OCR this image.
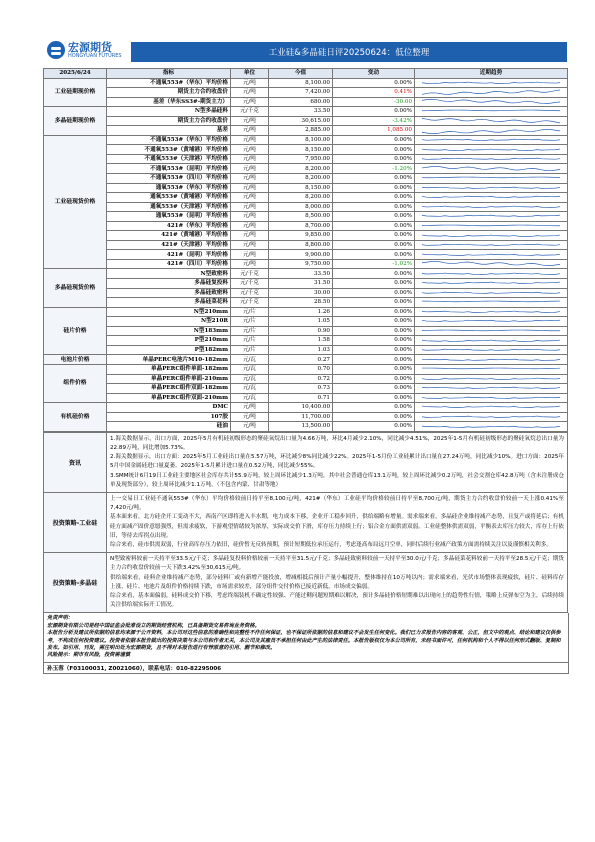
宏源期货
HONGYUAN FUTURES	工业硅&多晶硅日评20250624：低位整理
2025/6/24	指标	单位	今值	变动	近期趋势
工业硅期现价格	不通氧553#（华东）平均价格	元/吨	8,100.00	0.00%	

	期货主力合约收盘价	元/吨	7,420.00	0.41%	

	基差（华东SS3#-期货主力）	元/吨	680.00	-30.00	

多晶硅期现价格	N型多晶硅料	元/千克	33.50	0.00%	

	期货主力合约收盘价	元/吨	30,615.00	-3.42%	

	基差	元/吨	2,885.00	1,085.00	

工业硅现货价格	不通氧553#（华东）平均价格	元/吨	8,100.00	0.00%	

	不通氧553#（黄埔港）平均价格	元/吨	8,150.00	0.00%	

	不通氧553#（天津港）平均价格	元/吨	7,950.00	0.00%	

	不通氧553#（昆明）平均价格	元/吨	8,200.00	-1.20%	

	不通氧553#（四川）平均价格	元/吨	8,200.00	0.00%	

	通氧553#（华东）平均价格	元/吨	8,150.00	0.00%	

	通氧553#（黄埔港）平均价格	元/吨	8,200.00	0.00%	

	通氧553#（天津港）平均价格	元/吨	8,000.00	0.00%	

	通氧553#（昆明）平均价格	元/吨	8,500.00	0.00%	

	421#（华东）平均价格	元/吨	8,700.00	0.00%	

	421#（黄埔港）平均价格	元/吨	9,850.00	0.00%	

	421#（天津港）平均价格	元/吨	8,800.00	0.00%	

	421#（昆明）平均价格	元/吨	9,900.00	0.00%	

	421#（四川）平均价格	元/吨	9,750.00	-1.02%	

多晶硅现货价格	N型致密料	元/千克	33.50	0.00%	

	多晶硅复投料	元/千克	31.50	0.00%	

	多晶硅致密料	元/千克	30.00	0.00%	

	多晶硅菜花料	元/千克	28.50	0.00%	

硅片价格	N型210mm	元/片	1.26	0.00%	

	N型210R	元/片	1.05	0.00%	

	N型183mm	元/片	0.90	0.00%	

	P型210mm	元/片	1.58	0.00%	

	P型182mm	元/片	1.03	0.00%	

电池片价格	单晶PERC电池片M10-182mm	元/瓦	0.27	0.00%	

组件价格	单晶PERC组件单面-182mm	元/瓦	0.70	0.00%	

	单晶PERC组件单面-210mm	元/瓦	0.72	0.00%	

	单晶PERC组件双面-182mm	元/瓦	0.73	0.00%	

	单晶PERC组件双面-210mm	元/瓦	0.71	0.00%	

有机硅价格	DMC	元/吨	10,400.00	0.00%	

	107胶	元/吨	11,700.00	0.00%	

	硅油	元/吨	13,500.00	0.00%	
资讯	1.海关数据显示，出口方面，2025年5月有机硅初级形态的聚硅氧烷出口量为4.66万吨，环比4月减少2.10%，同比减少4.51%，2025年1-5月有机硅初级形态的聚硅氧烷总出口量为22.89万吨，同比增加5.73%。

2.海关数据显示，出口方面：2025年5月工业硅出口量在5.57万吨，环比减少8%同比减少22%。2025年1-5月份工业硅累计出口量在27.24万吨，同比减少10%。进口方面：2025年5月中国金属硅进口量夏萎。2025年1-5月累计进口量在0.52万吨，同比减少55%。

3.SMM统计6月19日工业硅主要地区社会库存共计55.9万吨，较上周环比减少1.3万吨，其中社会普通仓库13.1万吨，较上周环比减少0.2万吨，社会交割仓库42.8万吨（含未注册成仓单及现货部分），较上周环比减少1.1万吨。（不包含内蒙、甘肃等地）

投资策略-工业硅	上一交易日工业硅不通氧553#（华东）平均价格较前日持平至8,100元/吨，421#（华东）工业硅平均价格较前日持平至8,700元/吨，期货主力合约收盘价较前一天上涨0.41%至7,420元/吨。

基本面来看，北方硅企开工变动不大，西南产区即将进入丰水期，电力成本下移，企业开工稳步回升，供给端略有增量。需求端来看，多晶硅企业维持减产态势，且复产或将延后；有机硅方面减产固价意愿强烈，但需求疲软，下游观望情绪较为浓厚，实际成交价下滑，库存压力持续上行；铝合金方面供需双弱。工业硅整体供需双弱，平衡表去库压力较大，库存上行依旧，等待去库拐点出现。

综合来看，硅市供需双弱，行业高库存压力依旧，硅价暂无反转预期，预计短期低位承压运行，考虑逢高布局远月空单，同时后续行业减产政策方面需持续关注以及谨慎相关利多。

投资策略-多晶硅	N型致密料较前一天持平至33.5元/千克；多晶硅复投料价格较前一天持平至31.5元/千克；多晶硅致密料较前一天持平至30.0元/千克；多晶硅菜花料较前一天持平至28.5元/千克；期货主力合约收盘价较前一天下跌3.42%至30,615元/吨。

供给端来看，硅料企业维持减产态势，部分硅料厂或有新增产能投放，增减相抵后预计产量小幅提升，整体维持在10万吨以内；需求端来看，光伏市场整体表现疲软，硅片、硅料库存上涨，硅片、电池片及组件价格持续下跌，市场需求较差，部分组件交付价格已接近新低，市场成交偏弱。

综合来看，基本面偏弱，硅料成交价下移，考虑终端装机不确定性较强、产能过剩问题短期难以解决，预计多晶硅价格短期难以出现向上的趋势性行情，策略上反弹布空为主，后续持续关注供给端实际开工情况。

免责声明：

宏源期货有限公司是经中国证监会批准设立的期货经营机构，已具备期货交易咨询业务资格。

本报告分析及建议所依据的信息均来源于公开资料，本公司对这些信息的准确性和完整性不作任何保证，也不保证所依据的信息和建议不会发生任何变化。我们已力求报告内容的客观、公正，但文中的观点、结论和建议仅供参考，不构成任何投资建议。投资者依据本报告做出的投资决策与本公司和作者无关，本公司及其雇员不承担任何由此产生的法律责任。本报告版权仅为本公司所有，未经书面许可，任何机构和个人不得以任何形式翻版、复制和发布。如引用、刊发，需注明出处为宏源期货，且不得对本报告进行有悖原意的引用、删节和修改。

风险提示：期市有风险，投资需谨慎

孙玉蓉（F03100031, Z0021060），联系电话：010-82295006
